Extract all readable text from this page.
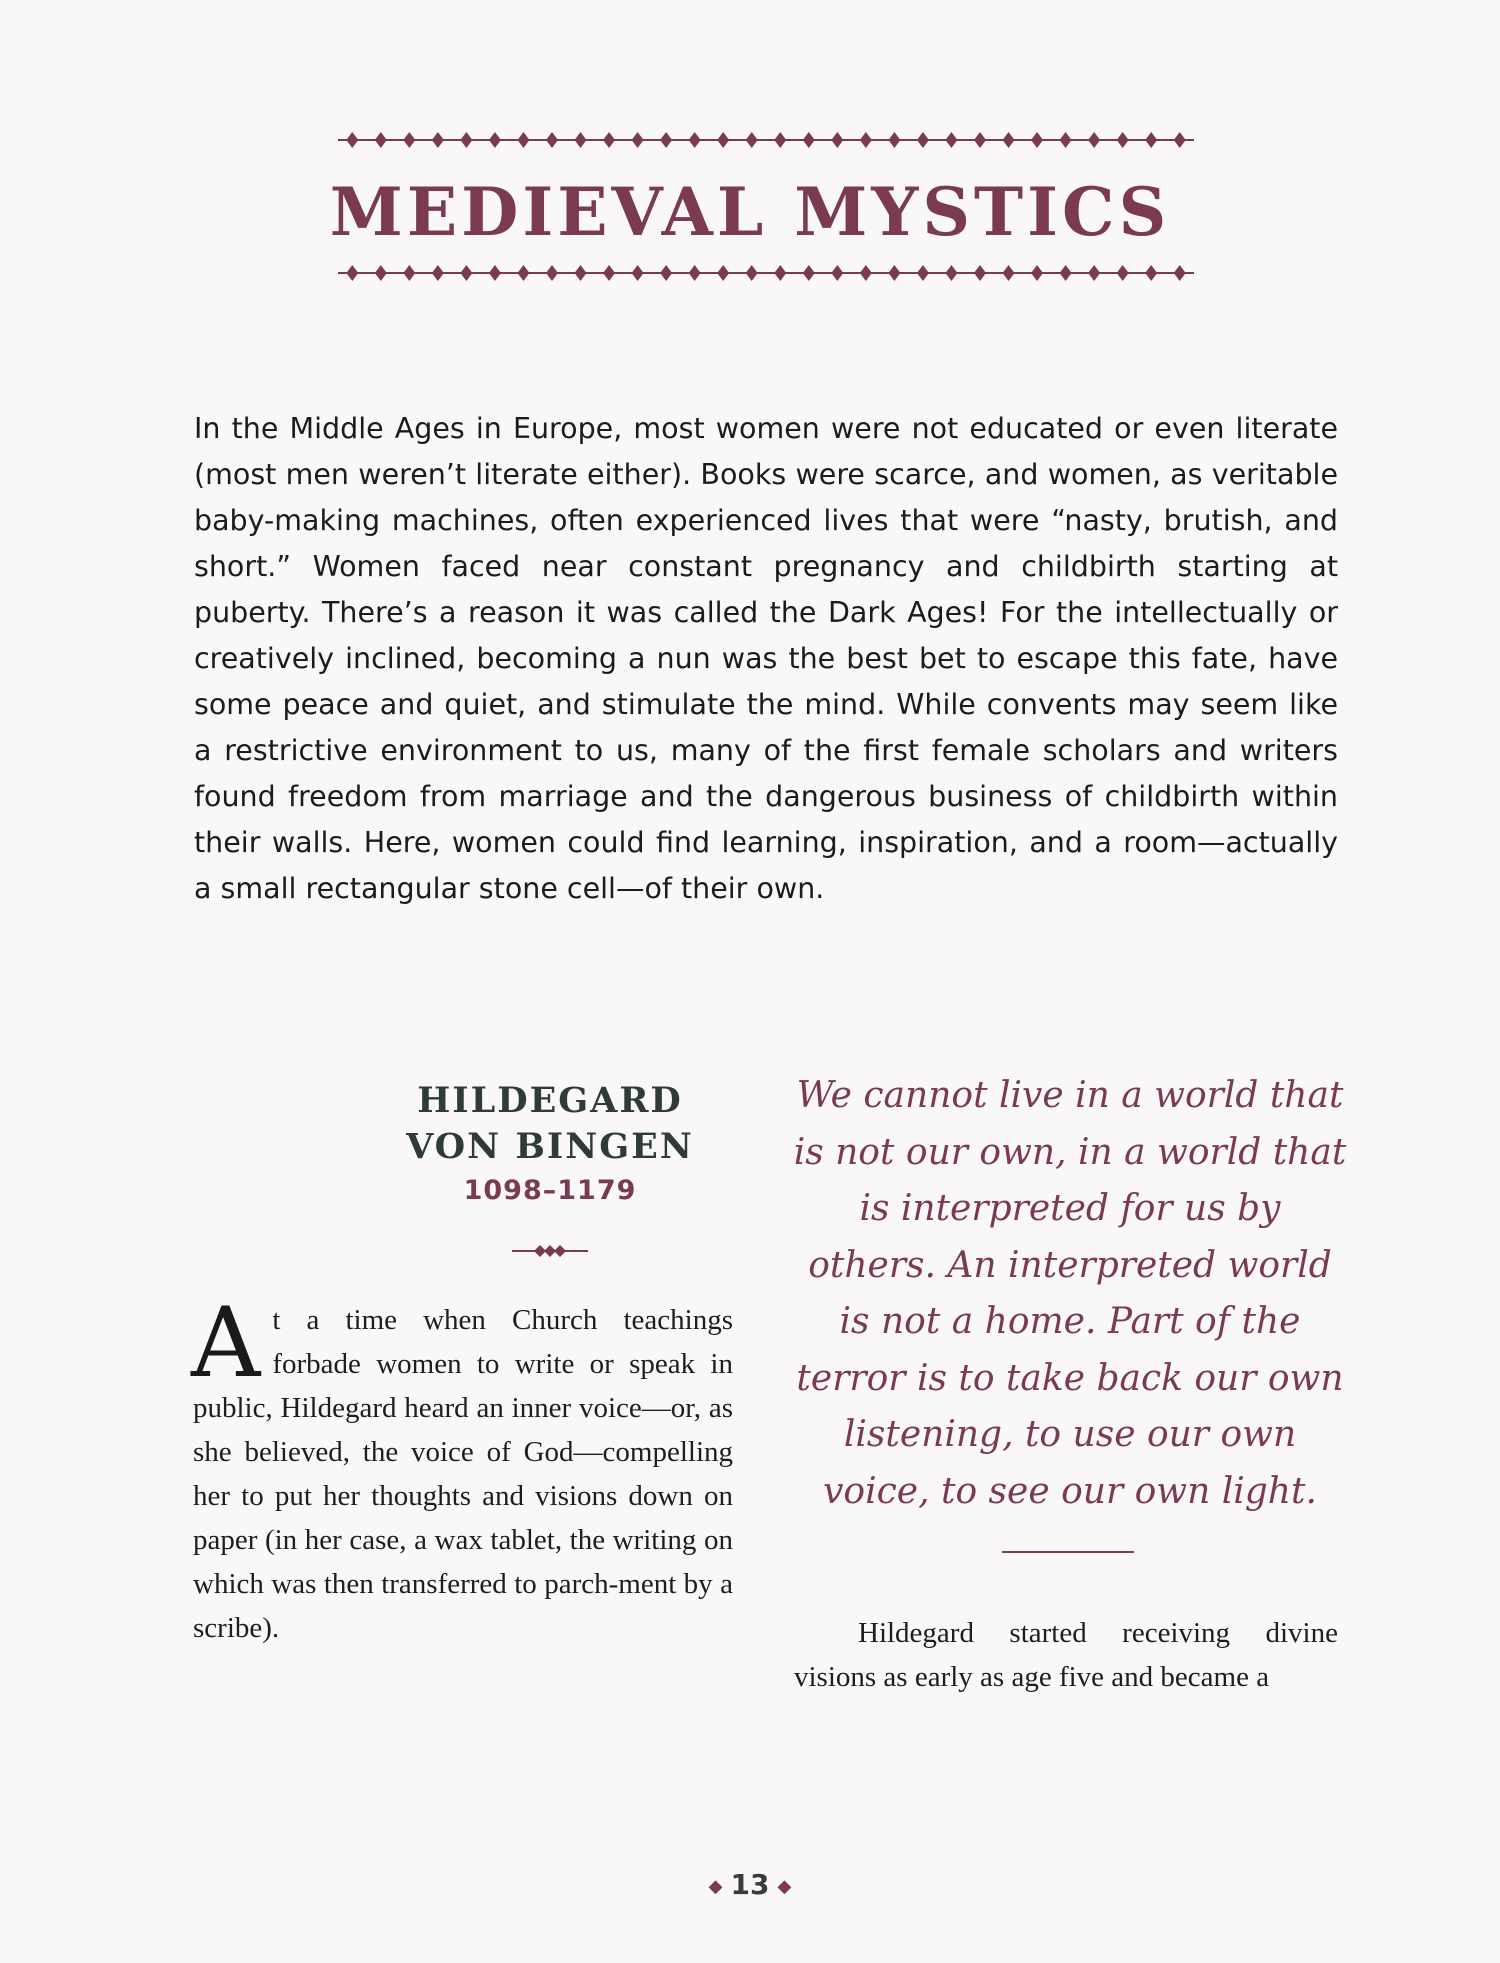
MEDIEVAL MYSTICS

In the Middle Ages in Europe, most women were not educated or even literate (most men weren’t literate either). Books were scarce, and women, as veritable baby-making machines, often experienced lives that were “nasty, brutish, and short.” Women faced near constant pregnancy and childbirth starting at puberty. There’s a reason it was called the Dark Ages! For the intellectually or creatively inclined, becoming a nun was the best bet to escape this fate, have some peace and quiet, and stimulate the mind. While convents may seem like a restrictive environment to us, many of the first female scholars and writers found freedom from marriage and the dangerous business of childbirth within their walls. Here, women could find learning, inspiration, and a room—actually a small rectangular stone cell—of their own.

HILDEGARD

VON BINGEN

1098–1179

At a time when Church teachings forbade women to write or speak in public, Hildegard heard an inner voice—or, as she believed, the voice of God—compelling her to put her thoughts and visions down on paper (in her case, a wax tablet, the writing on which was then transferred to parch-ment by a scribe).

We cannot live in a world that is not our own, in a world that is interpreted for us by others. An interpreted world is not a home. Part of the terror is to take back our own listening, to use our own voice, to see our own light.

Hildegard started receiving divine visions as early as age five and became a

◆ 13 ◆
